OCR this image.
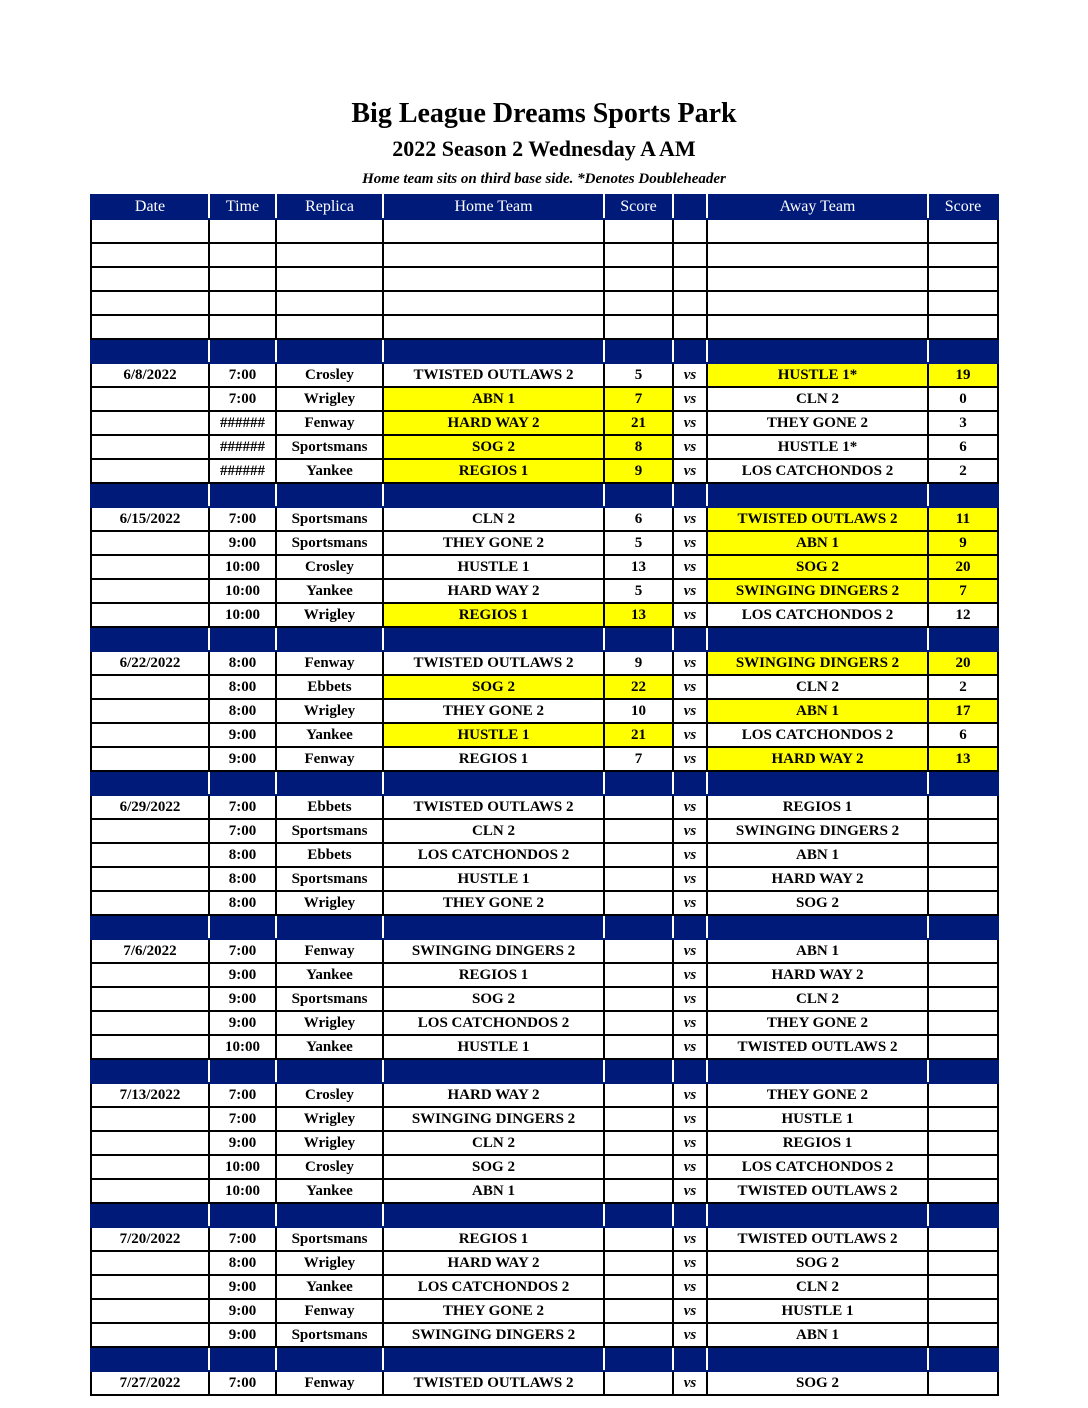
Big League Dreams Sports Park
2022 Season 2 Wednesday A AM
Home team sits on third base side. *Denotes Doubleheader
Date	Time	Replica	Home Team	Score		Away Team	Score

6/8/2022	7:00	Crosley	TWISTED OUTLAWS 2	5	vs	HUSTLE 1*	19
	7:00	Wrigley	ABN 1	7	vs	CLN 2	0
	######	Fenway	HARD WAY 2	21	vs	THEY GONE 2	3
	######	Sportsmans	SOG 2	8	vs	HUSTLE 1*	6
	######	Yankee	REGIOS 1	9	vs	LOS CATCHONDOS 2	2

6/15/2022	7:00	Sportsmans	CLN 2	6	vs	TWISTED OUTLAWS 2	11
	9:00	Sportsmans	THEY GONE 2	5	vs	ABN 1	9
	10:00	Crosley	HUSTLE 1	13	vs	SOG 2	20
	10:00	Yankee	HARD WAY 2	5	vs	SWINGING DINGERS 2	7
	10:00	Wrigley	REGIOS 1	13	vs	LOS CATCHONDOS 2	12

6/22/2022	8:00	Fenway	TWISTED OUTLAWS 2	9	vs	SWINGING DINGERS 2	20
	8:00	Ebbets	SOG 2	22	vs	CLN 2	2
	8:00	Wrigley	THEY GONE 2	10	vs	ABN 1	17
	9:00	Yankee	HUSTLE 1	21	vs	LOS CATCHONDOS 2	6
	9:00	Fenway	REGIOS 1	7	vs	HARD WAY 2	13

6/29/2022	7:00	Ebbets	TWISTED OUTLAWS 2		vs	REGIOS 1	
	7:00	Sportsmans	CLN 2		vs	SWINGING DINGERS 2	
	8:00	Ebbets	LOS CATCHONDOS 2		vs	ABN 1	
	8:00	Sportsmans	HUSTLE 1		vs	HARD WAY 2	
	8:00	Wrigley	THEY GONE 2		vs	SOG 2	

7/6/2022	7:00	Fenway	SWINGING DINGERS 2		vs	ABN 1	
	9:00	Yankee	REGIOS 1		vs	HARD WAY 2	
	9:00	Sportsmans	SOG 2		vs	CLN 2	
	9:00	Wrigley	LOS CATCHONDOS 2		vs	THEY GONE 2	
	10:00	Yankee	HUSTLE 1		vs	TWISTED OUTLAWS 2	

7/13/2022	7:00	Crosley	HARD WAY 2		vs	THEY GONE 2	
	7:00	Wrigley	SWINGING DINGERS 2		vs	HUSTLE 1	
	9:00	Wrigley	CLN 2		vs	REGIOS 1	
	10:00	Crosley	SOG 2		vs	LOS CATCHONDOS 2	
	10:00	Yankee	ABN 1		vs	TWISTED OUTLAWS 2	

7/20/2022	7:00	Sportsmans	REGIOS 1		vs	TWISTED OUTLAWS 2	
	8:00	Wrigley	HARD WAY 2		vs	SOG 2	
	9:00	Yankee	LOS CATCHONDOS 2		vs	CLN 2	
	9:00	Fenway	THEY GONE 2		vs	HUSTLE 1	
	9:00	Sportsmans	SWINGING DINGERS 2		vs	ABN 1	

7/27/2022	7:00	Fenway	TWISTED OUTLAWS 2		vs	SOG 2	
